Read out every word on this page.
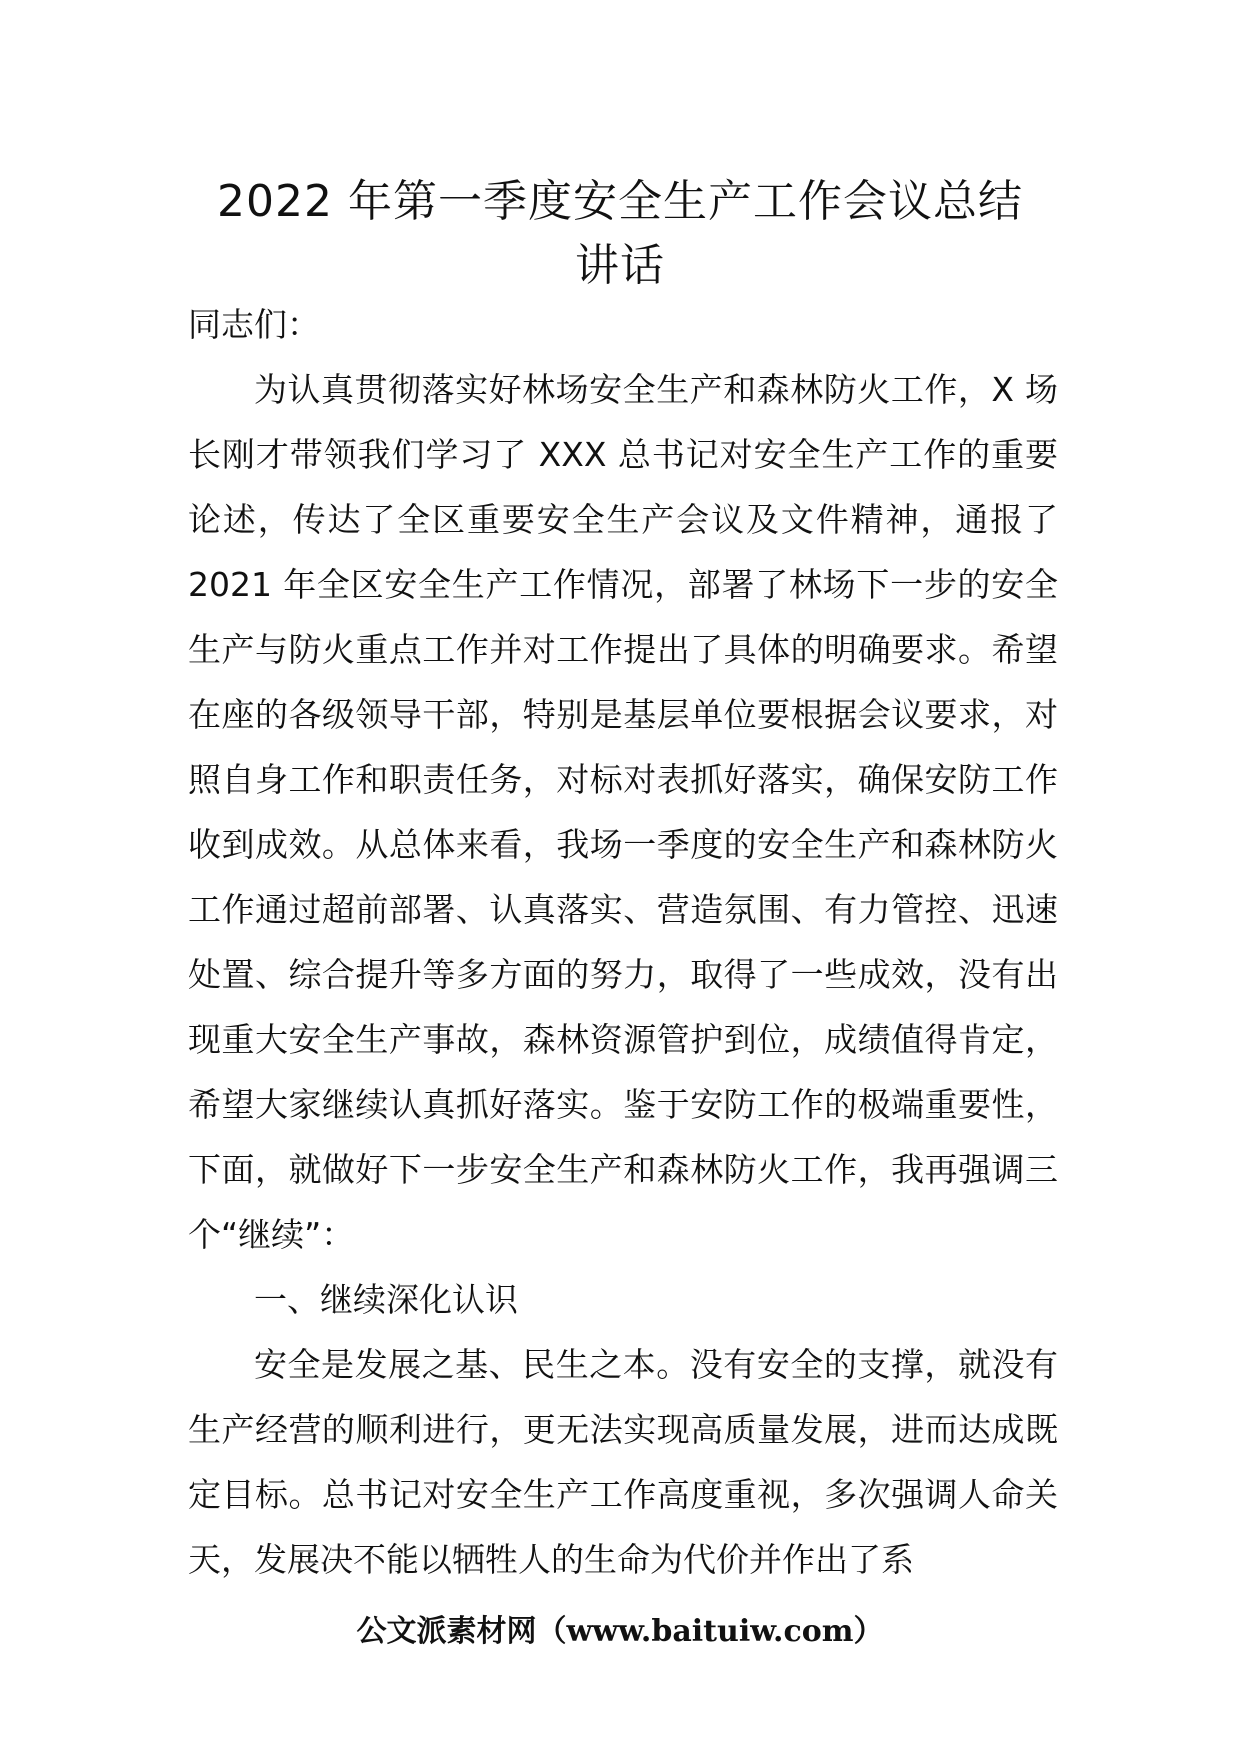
2022 年第一季度安全生产工作会议总结
讲话

同志们：

为认真贯彻落实好林场安全生产和森林防火工作，X 场长刚才带领我们学习了 XXX 总书记对安全生产工作的重要论述，传达了全区重要安全生产会议及文件精神，通报了 2021 年全区安全生产工作情况，部署了林场下一步的安全生产与防火重点工作并对工作提出了具体的明确要求。希望在座的各级领导干部，特别是基层单位要根据会议要求，对照自身工作和职责任务，对标对表抓好落实，确保安防工作收到成效。从总体来看，我场一季度的安全生产和森林防火工作通过超前部署、认真落实、营造氛围、有力管控、迅速处置、综合提升等多方面的努力，取得了一些成效，没有出现重大安全生产事故，森林资源管护到位，成绩值得肯定，希望大家继续认真抓好落实。鉴于安防工作的极端重要性，下面，就做好下一步安全生产和森林防火工作，我再强调三个“继续”：

一、继续深化认识

安全是发展之基、民生之本。没有安全的支撑，就没有生产经营的顺利进行，更无法实现高质量发展，进而达成既定目标。总书记对安全生产工作高度重视，多次强调人命关天，发展决不能以牺牲人的生命为代价并作出了系

公文派素材网（www.baituiw.com）
